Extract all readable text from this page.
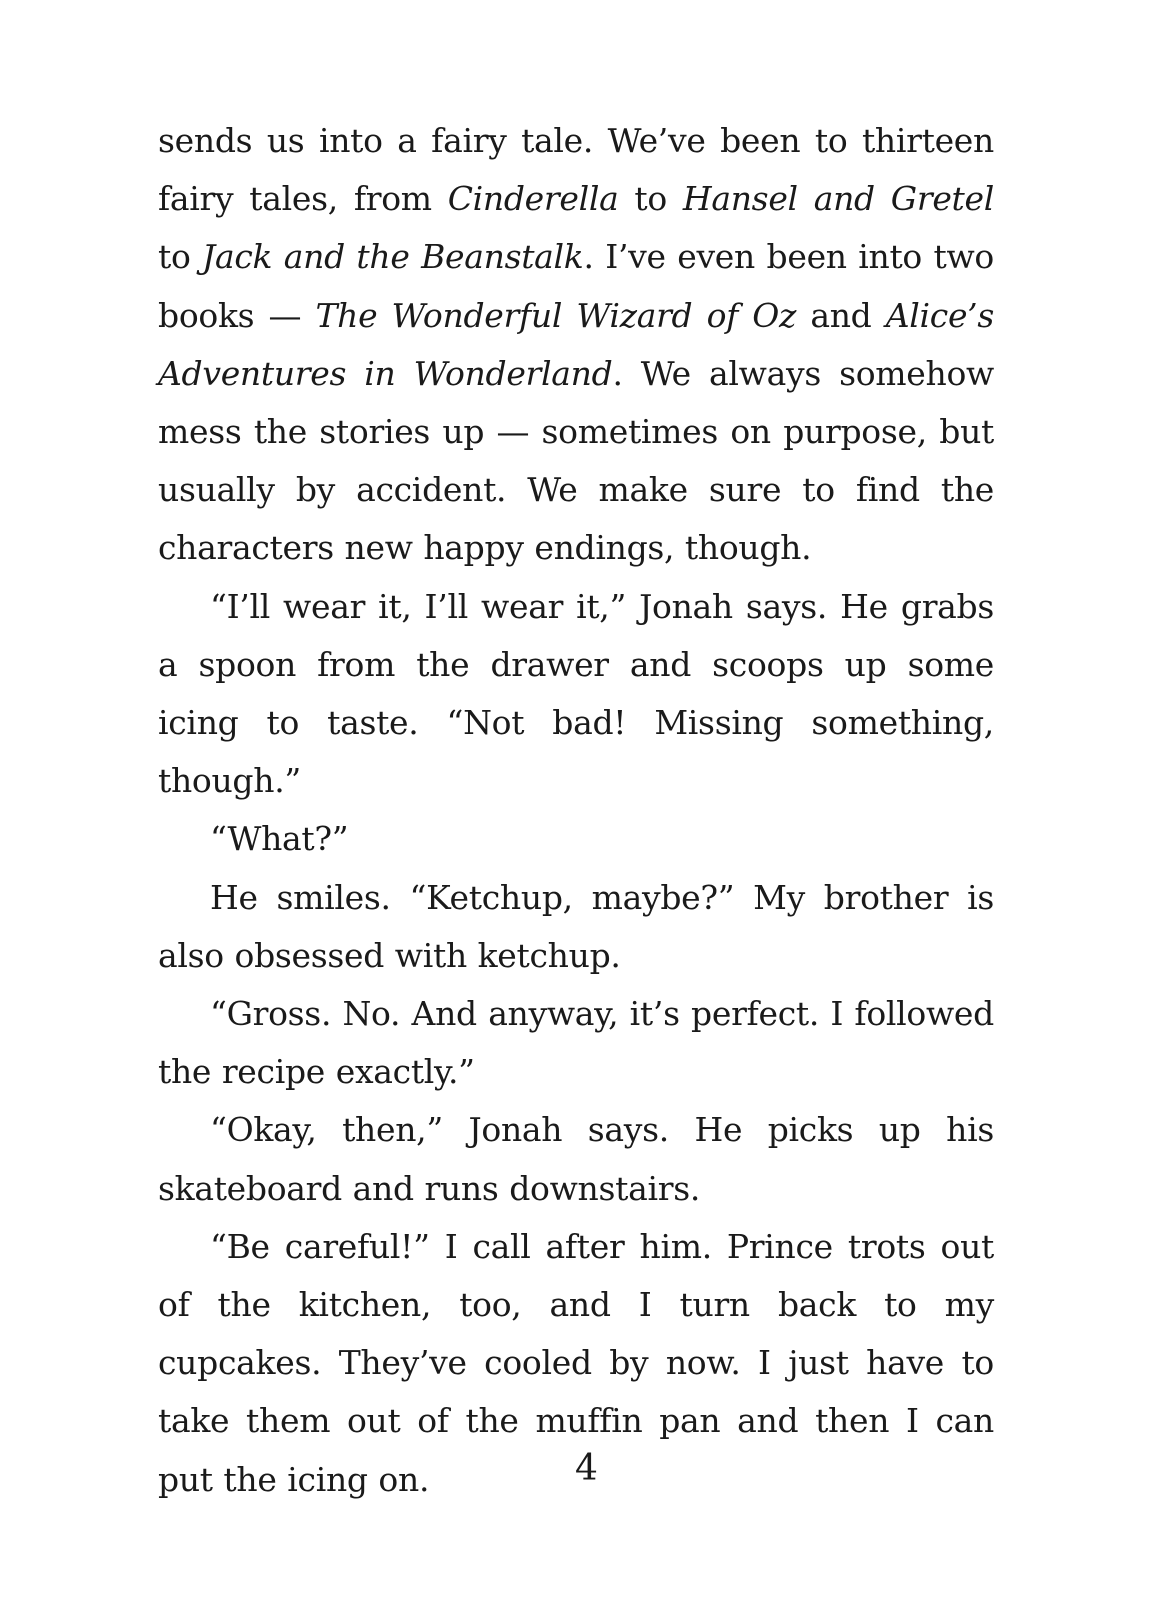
sends us into a fairy tale. We’ve been to thirteen fairy tales, from Cinderella to Hansel and Gretel to Jack and the Beanstalk. I’ve even been into two books — The Wonderful Wizard of Oz and Alice’s Adventures in Wonderland. We always somehow mess the stories up — sometimes on purpose, but usually by accident. We make sure to find the characters new happy endings, though.

“I’ll wear it, I’ll wear it,” Jonah says. He grabs a spoon from the drawer and scoops up some icing to taste. “Not bad! Missing something, though.”

“What?”

He smiles. “Ketchup, maybe?” My brother is also obsessed with ketchup.

“Gross. No. And anyway, it’s perfect. I followed the recipe exactly.”

“Okay, then,” Jonah says. He picks up his skateboard and runs downstairs.

“Be careful!” I call after him. Prince trots out of the kitchen, too, and I turn back to my cupcakes. They’ve cooled by now. I just have to take them out of the muffin pan and then I can put the icing on.	4
